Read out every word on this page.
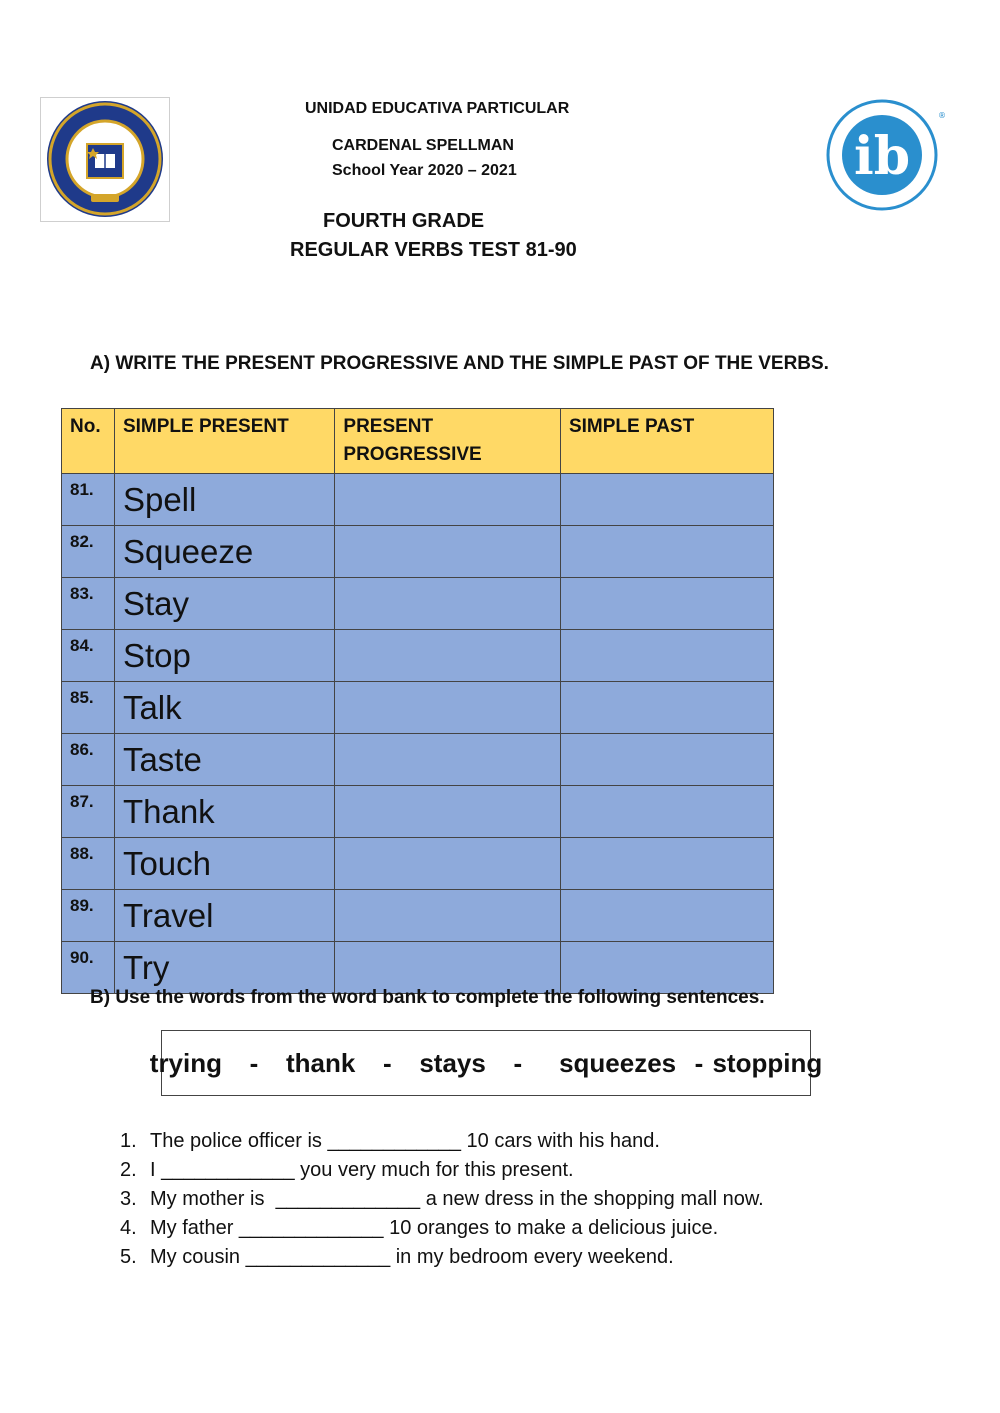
UNIDAD EDUCATIVA PARTICULAR
CARDENAL SPELLMAN
School Year 2020 – 2021
FOURTH GRADE
REGULAR VERBS TEST 81-90
ib
®
A) WRITE THE PRESENT PROGRESSIVE AND THE SIMPLE PAST OF THE VERBS.
No.	SIMPLE PRESENT	PRESENT PROGRESSIVE	SIMPLE PAST
81.	Spell		
82.	Squeeze		
83.	Stay		
84.	Stop		
85.	Talk		
86.	Taste		
87.	Thank		
88.	Touch		
89.	Travel		
90.	Try		
B) Use the words from the word bank to complete the following sentences.
trying   -   thank   -   stays   -    squeezes  - stopping
1. The police officer is ____________ 10 cars with his hand.
2. I ____________ you very much for this present.
3. My mother is  _____________ a new dress in the shopping mall now.
4. My father _____________ 10 oranges to make a delicious juice.
5. My cousin _____________ in my bedroom every weekend.
